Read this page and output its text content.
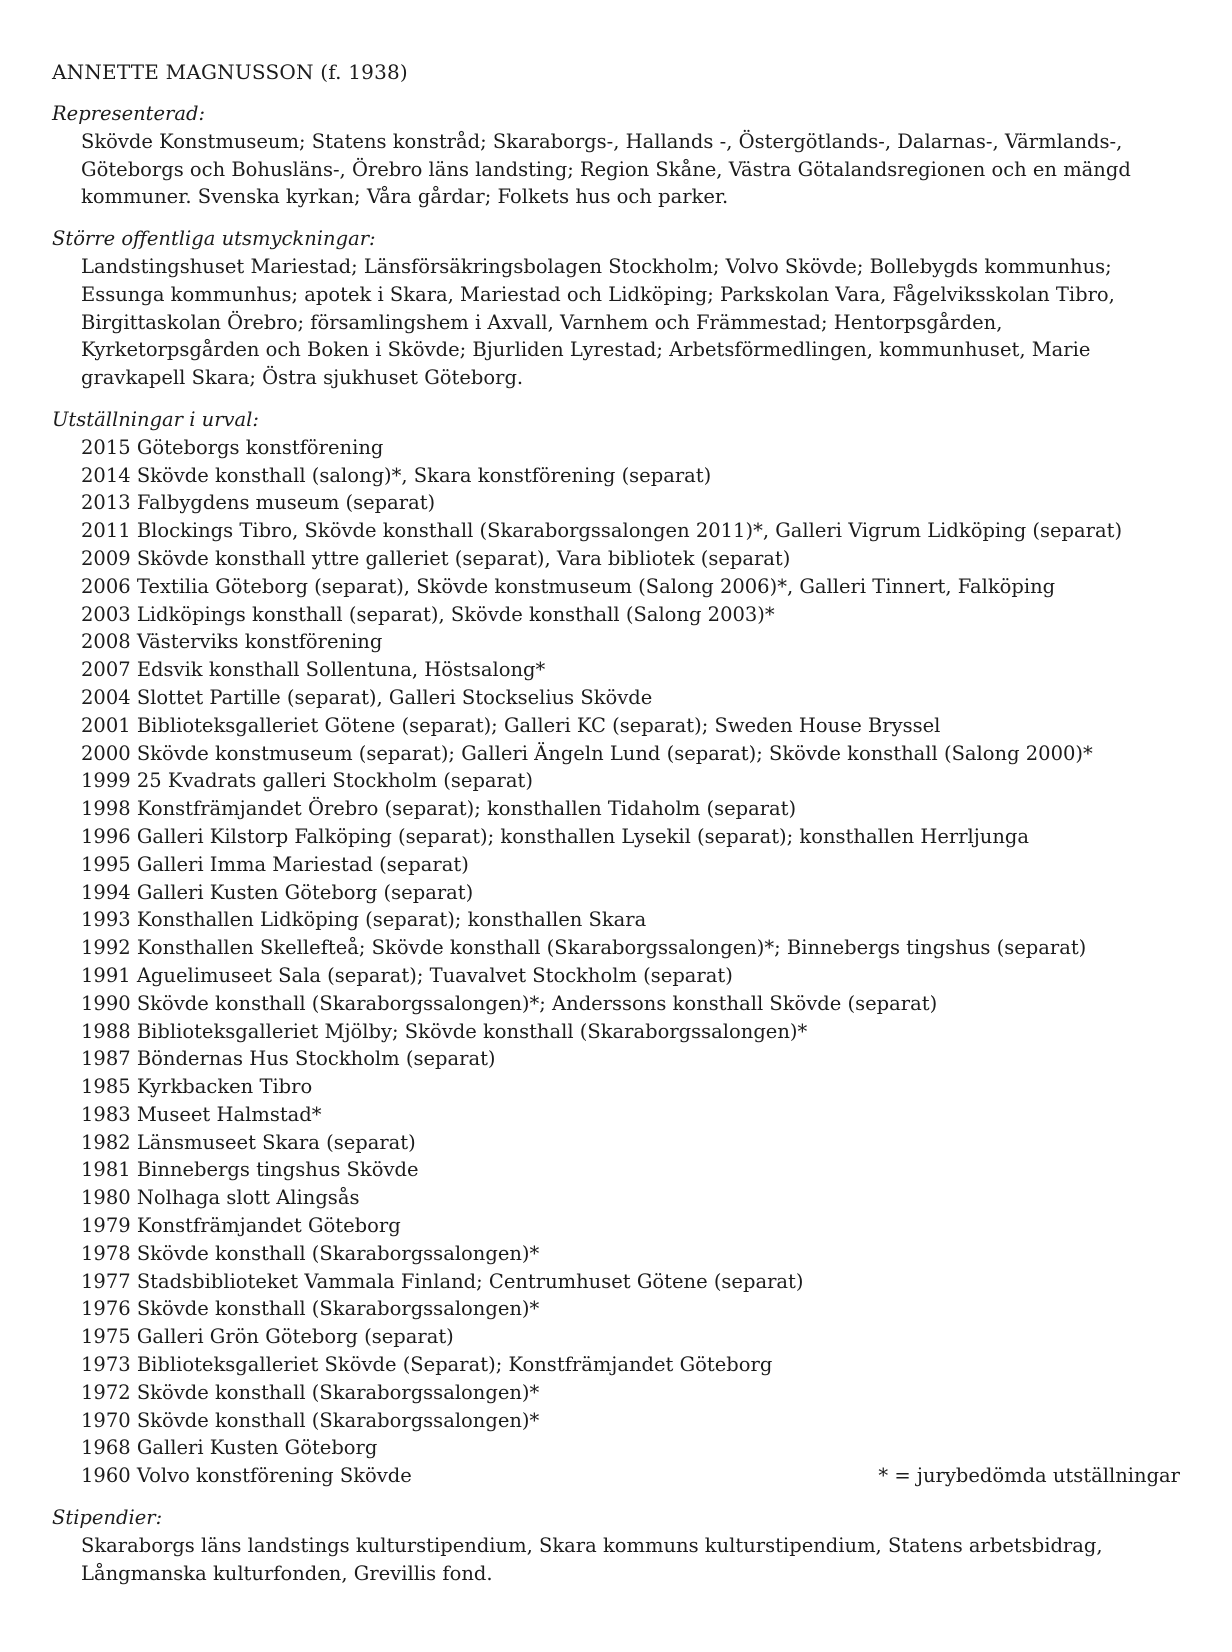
ANNETTE MAGNUSSON (f. 1938)
Representerad:
Skövde Konstmuseum; Statens konstråd; Skaraborgs-, Hallands -, Östergötlands-, Dalarnas-, Värmlands-, Göteborgs och Bohusläns-, Örebro läns landsting; Region Skåne, Västra Götalandsregionen och en mängd kommuner. Svenska kyrkan; Våra gårdar; Folkets hus och parker.
Större offentliga utsmyckningar:
Landstingshuset Mariestad; Länsförsäkringsbolagen Stockholm; Volvo Skövde; Bollebygds kommunhus; Essunga kommunhus; apotek i Skara, Mariestad och Lidköping; Parkskolan Vara, Fågelviksskolan Tibro, Birgittaskolan Örebro; församlingshem i Axvall, Varnhem och Främmestad; Hentorpsgården, Kyrketorpsgården och Boken i Skövde; Bjurliden Lyrestad; Arbetsförmedlingen, kommunhuset, Marie gravkapell Skara; Östra sjukhuset Göteborg.
Utställningar i urval:
2015 Göteborgs konstförening
2014 Skövde konsthall (salong)*, Skara konstförening (separat)
2013 Falbygdens museum (separat)
2011 Blockings Tibro, Skövde konsthall (Skaraborgssalongen 2011)*, Galleri Vigrum Lidköping (separat)
2009 Skövde konsthall yttre galleriet (separat), Vara bibliotek (separat)
2006 Textilia Göteborg (separat), Skövde konstmuseum (Salong 2006)*, Galleri Tinnert, Falköping
2003 Lidköpings konsthall (separat), Skövde konsthall (Salong 2003)*
2008 Västerviks konstförening
2007 Edsvik konsthall Sollentuna, Höstsalong*
2004 Slottet Partille (separat), Galleri Stockselius Skövde
2001 Biblioteksgalleriet Götene (separat); Galleri KC (separat); Sweden House Bryssel
2000 Skövde konstmuseum (separat); Galleri Ängeln Lund (separat); Skövde konsthall (Salong 2000)*
1999 25 Kvadrats galleri Stockholm (separat)
1998 Konstfrämjandet Örebro (separat); konsthallen Tidaholm (separat)
1996 Galleri Kilstorp Falköping (separat); konsthallen Lysekil (separat); konsthallen Herrljunga
1995 Galleri Imma Mariestad (separat)
1994 Galleri Kusten Göteborg (separat)
1993 Konsthallen Lidköping (separat); konsthallen Skara
1992 Konsthallen Skellefteå; Skövde konsthall (Skaraborgssalongen)*; Binnebergs tingshus (separat)
1991 Aguelimuseet Sala (separat); Tuavalvet Stockholm (separat)
1990 Skövde konsthall (Skaraborgssalongen)*; Anderssons konsthall Skövde (separat)
1988 Biblioteksgalleriet Mjölby; Skövde konsthall (Skaraborgssalongen)*
1987 Böndernas Hus Stockholm (separat)
1985 Kyrkbacken Tibro
1983 Museet Halmstad*
1982 Länsmuseet Skara (separat)
1981 Binnebergs tingshus Skövde
1980 Nolhaga slott Alingsås
1979 Konstfrämjandet Göteborg
1978 Skövde konsthall (Skaraborgssalongen)*
1977 Stadsbiblioteket Vammala Finland; Centrumhuset Götene (separat)
1976 Skövde konsthall (Skaraborgssalongen)*
1975 Galleri Grön Göteborg (separat)
1973 Biblioteksgalleriet Skövde (Separat); Konstfrämjandet Göteborg
1972 Skövde konsthall (Skaraborgssalongen)*
1970 Skövde konsthall (Skaraborgssalongen)*
1968 Galleri Kusten Göteborg
1960 Volvo konstförening Skövde	* = jurybedömda utställningar
Stipendier:
Skaraborgs läns landstings kulturstipendium, Skara kommuns kulturstipendium, Statens arbetsbidrag, Långmanska kulturfonden, Grevillis fond.
